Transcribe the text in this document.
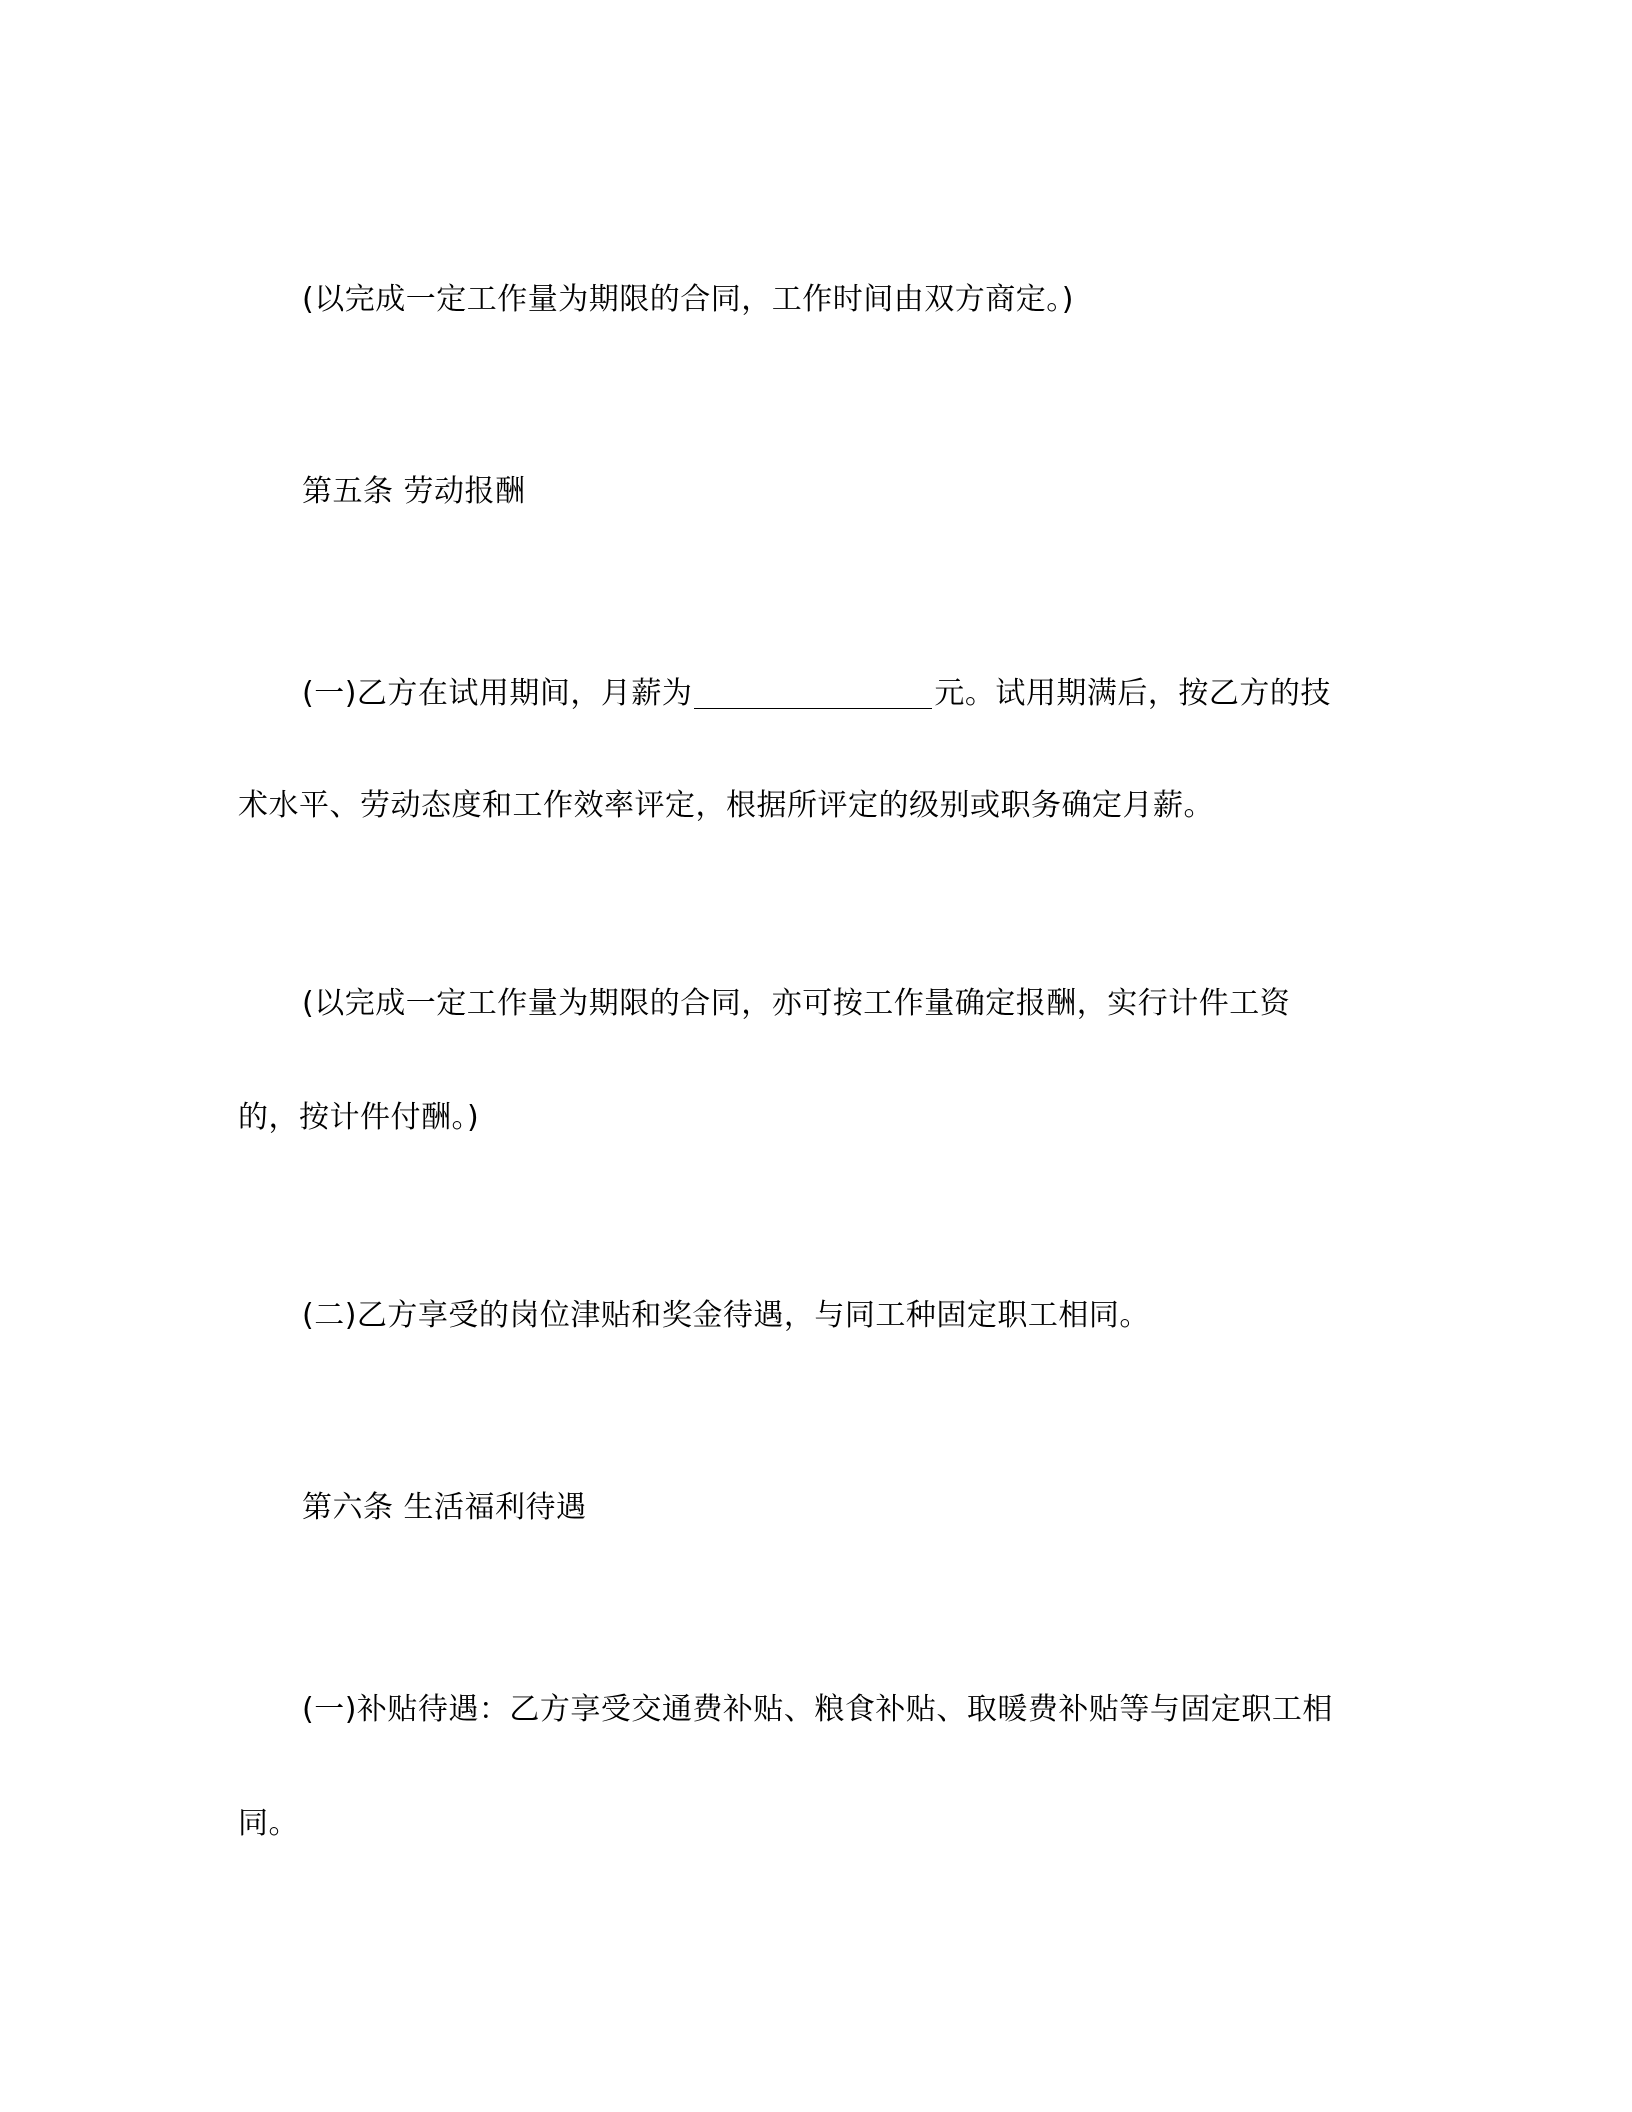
(以完成一定工作量为期限的合同，工作时间由双方商定。)
第五条 劳动报酬
(一)乙方在试用期间，月薪为	元。试用期满后，按乙方的技
术水平、劳动态度和工作效率评定，根据所评定的级别或职务确定月薪。
(以完成一定工作量为期限的合同，亦可按工作量确定报酬，实行计件工资
的，按计件付酬。)
(二)乙方享受的岗位津贴和奖金待遇，与同工种固定职工相同。
第六条 生活福利待遇
(一)补贴待遇：乙方享受交通费补贴、粮食补贴、取暖费补贴等与固定职工相
同。
